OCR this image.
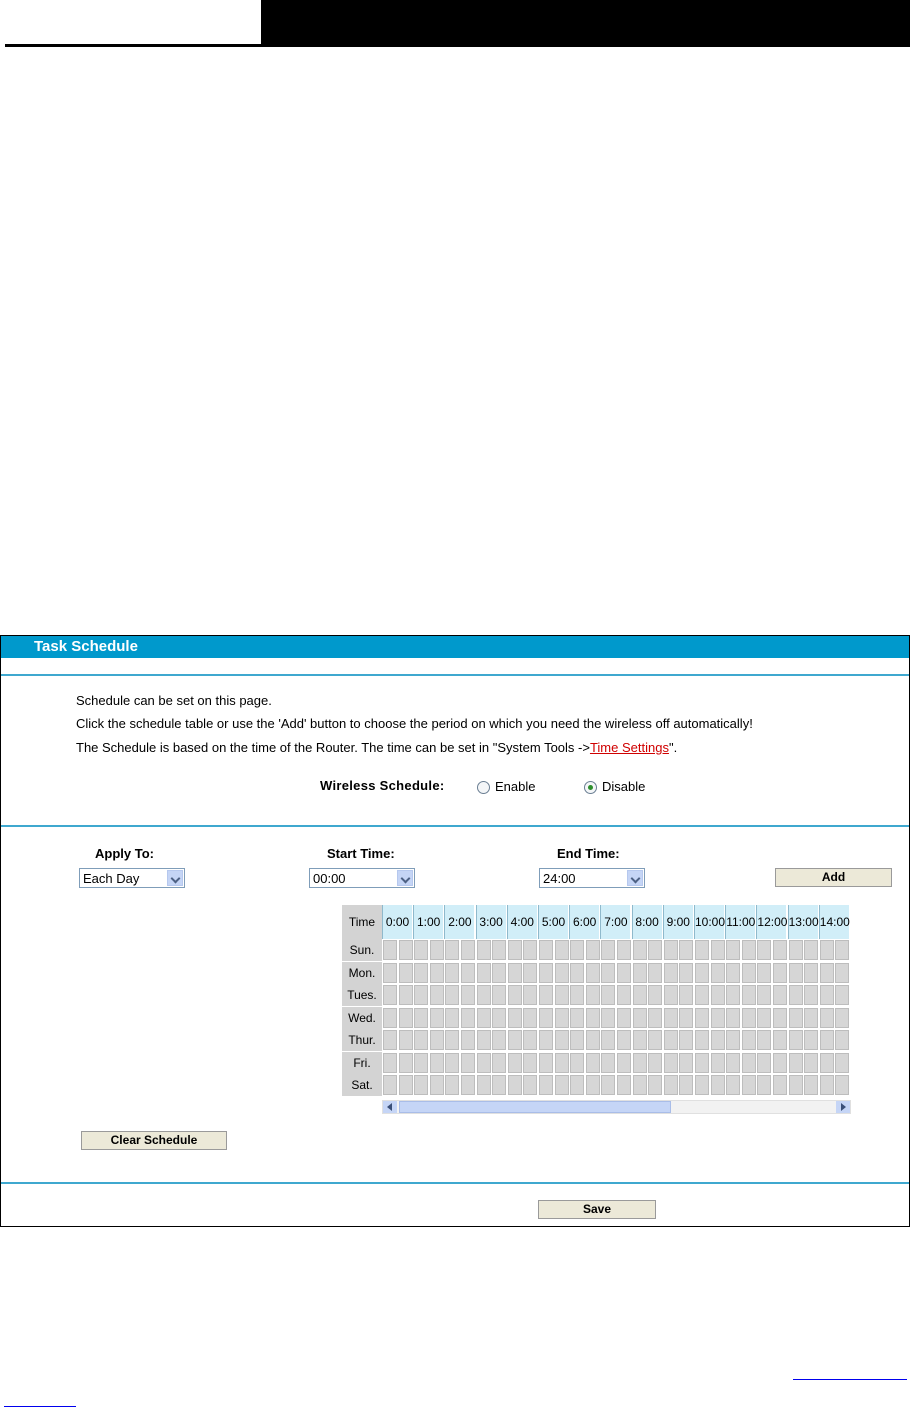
Task Schedule
Schedule can be set on this page.
Click the schedule table or use the 'Add' button to choose the period on which you need the wireless off automatically!
The Schedule is based on the time of the Router. The time can be set in "System Tools ->Time Settings".
Wireless Schedule:	Enable	Disable
Apply To:	Start Time:	End Time:
Each Day	00:00	24:00	Add
Time 0:00 1:00 2:00 3:00 4:00 5:00 6:00 7:00 8:00 9:00 10:00 11:00 12:00 13:00 14:00
Sun.
Mon.
Tues.
Wed.
Thur.
Fri.
Sat.
Clear Schedule
Save
